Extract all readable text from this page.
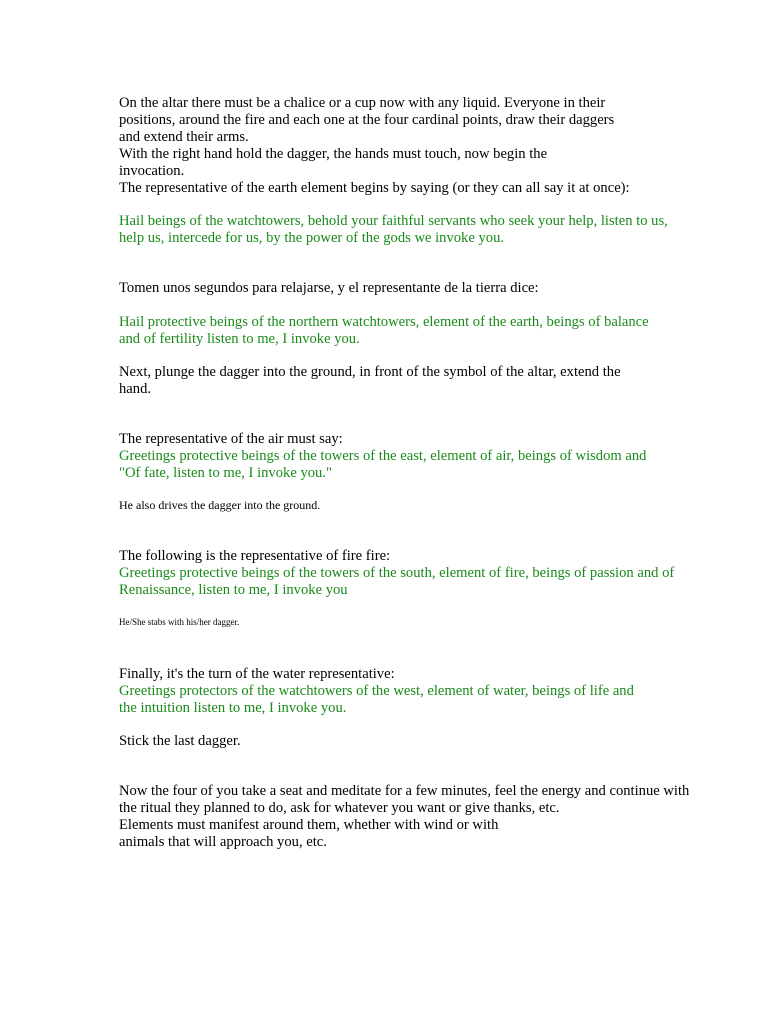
On the altar there must be a chalice or a cup now with any liquid. Everyone in their
positions, around the fire and each one at the four cardinal points, draw their daggers
and extend their arms.
With the right hand hold the dagger, the hands must touch, now begin the
invocation.
The representative of the earth element begins by saying (or they can all say it at once):
Hail beings of the watchtowers, behold your faithful servants who seek your help, listen to us,
help us, intercede for us, by the power of the gods we invoke you.
Tomen unos segundos para relajarse, y el representante de la tierra dice:
Hail protective beings of the northern watchtowers, element of the earth, beings of balance
and of fertility listen to me, I invoke you.
Next, plunge the dagger into the ground, in front of the symbol of the altar, extend the
hand.
The representative of the air must say:
Greetings protective beings of the towers of the east, element of air, beings of wisdom and
"Of fate, listen to me, I invoke you."
He also drives the dagger into the ground.
The following is the representative of fire fire:
Greetings protective beings of the towers of the south, element of fire, beings of passion and of
Renaissance, listen to me, I invoke you
He/She stabs with his/her dagger.
Finally, it's the turn of the water representative:
Greetings protectors of the watchtowers of the west, element of water, beings of life and
the intuition listen to me, I invoke you.
Stick the last dagger.
Now the four of you take a seat and meditate for a few minutes, feel the energy and continue with
the ritual they planned to do, ask for whatever you want or give thanks, etc.
Elements must manifest around them, whether with wind or with
animals that will approach you, etc.
